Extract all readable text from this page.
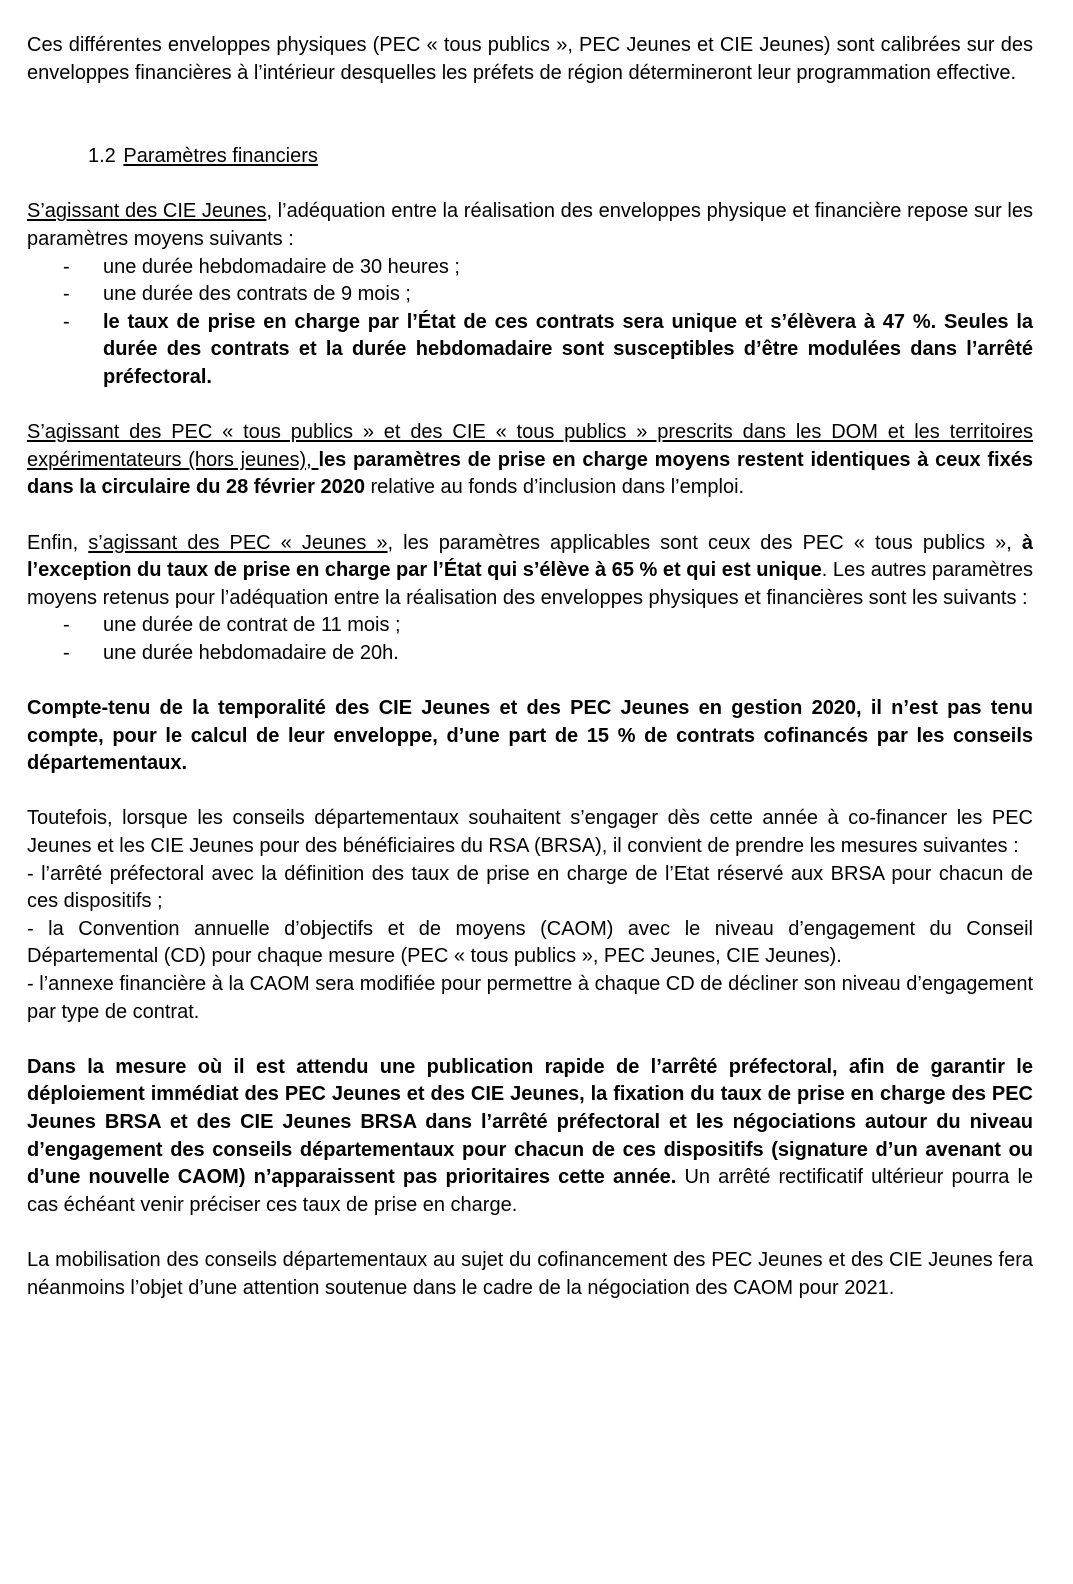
Ces différentes enveloppes physiques (PEC « tous publics », PEC Jeunes et CIE Jeunes) sont calibrées sur des enveloppes financières à l’intérieur desquelles les préfets de région détermineront leur programmation effective.

1.2 Paramètres financiers

S’agissant des CIE Jeunes, l’adéquation entre la réalisation des enveloppes physique et financière repose sur les paramètres moyens suivants :

- une durée hebdomadaire de 30 heures ;
- une durée des contrats de 9 mois ;
- le taux de prise en charge par l’État de ces contrats sera unique et s’élèvera à 47 %. Seules la durée des contrats et la durée hebdomadaire sont susceptibles d’être modulées dans l’arrêté préfectoral.

S’agissant des PEC « tous publics » et des CIE « tous publics » prescrits dans les DOM et les territoires expérimentateurs (hors jeunes), les paramètres de prise en charge moyens restent identiques à ceux fixés dans la circulaire du 28 février 2020 relative au fonds d’inclusion dans l’emploi.

Enfin, s’agissant des PEC « Jeunes », les paramètres applicables sont ceux des PEC « tous publics », à l’exception du taux de prise en charge par l’État qui s’élève à 65 % et qui est unique. Les autres paramètres moyens retenus pour l’adéquation entre la réalisation des enveloppes physiques et financières sont les suivants :

- une durée de contrat de 11 mois ;
- une durée hebdomadaire de 20h.

Compte-tenu de la temporalité des CIE Jeunes et des PEC Jeunes en gestion 2020, il n’est pas tenu compte, pour le calcul de leur enveloppe, d’une part de 15 % de contrats cofinancés par les conseils départementaux.

Toutefois, lorsque les conseils départementaux souhaitent s’engager dès cette année à co-financer les PEC Jeunes et les CIE Jeunes pour des bénéficiaires du RSA (BRSA), il convient de prendre les mesures suivantes :

- l’arrêté préfectoral avec la définition des taux de prise en charge de l’Etat réservé aux BRSA pour chacun de ces dispositifs ;

- la Convention annuelle d’objectifs et de moyens (CAOM) avec le niveau d’engagement du Conseil Départemental (CD) pour chaque mesure (PEC « tous publics », PEC Jeunes, CIE Jeunes).

- l’annexe financière à la CAOM sera modifiée pour permettre à chaque CD de décliner son niveau d’engagement par type de contrat.

Dans la mesure où il est attendu une publication rapide de l’arrêté préfectoral, afin de garantir le déploiement immédiat des PEC Jeunes et des CIE Jeunes, la fixation du taux de prise en charge des PEC Jeunes BRSA et des CIE Jeunes BRSA dans l’arrêté préfectoral et les négociations autour du niveau d’engagement des conseils départementaux pour chacun de ces dispositifs (signature d’un avenant ou d’une nouvelle CAOM) n’apparaissent pas prioritaires cette année. Un arrêté rectificatif ultérieur pourra le cas échéant venir préciser ces taux de prise en charge.

La mobilisation des conseils départementaux au sujet du cofinancement des PEC Jeunes et des CIE Jeunes fera néanmoins l’objet d’une attention soutenue dans le cadre de la négociation des CAOM pour 2021.
